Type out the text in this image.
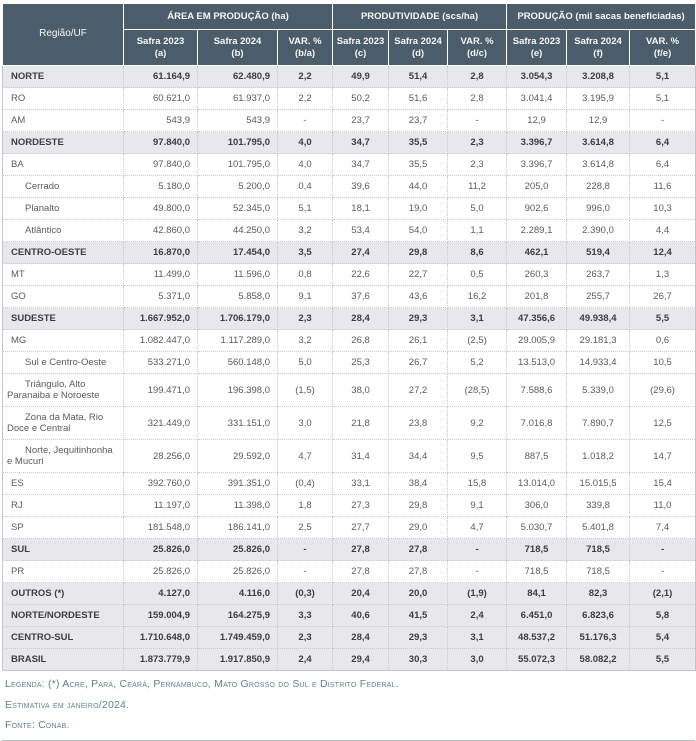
Região/UF	ÁREA EM PRODUÇÃO (ha)			PRODUTIVIDADE (scs/ha)			PRODUÇÃO (mil sacas beneficiadas)		
	Safra 2023
(a)	Safra 2024
(b)	VAR. %
(b/a)	Safra 2023
(c)	Safra 2024
(d)	VAR. %
(d/c)	Safra 2023
(e)	Safra 2024
(f)	VAR. %
(f/e)
NORTE	61.164,9	62.480,9	2,2	49,9	51,4	2,8	3.054,3	3.208,8	5,1
RO	60.621,0	61.937,0	2,2	50,2	51,6	2,8	3.041,4	3.195,9	5,1
AM	543,9	543,9	-	23,7	23,7	-	12,9	12,9	-
NORDESTE	97.840,0	101.795,0	4,0	34,7	35,5	2,3	3.396,7	3.614,8	6,4
BA	97.840,0	101.795,0	4,0	34,7	35,5	2,3	3.396,7	3.614,8	6,4
Cerrado	5.180,0	5.200,0	0,4	39,6	44,0	11,2	205,0	228,8	11,6
Planalto	49.800,0	52.345,0	5,1	18,1	19,0	5,0	902,6	996,0	10,3
Atlântico	42.860,0	44.250,0	3,2	53,4	54,0	1,1	2.289,1	2.390,0	4,4
CENTRO-OESTE	16.870,0	17.454,0	3,5	27,4	29,8	8,6	462,1	519,4	12,4
MT	11.499,0	11.596,0	0,8	22,6	22,7	0,5	260,3	263,7	1,3
GO	5.371,0	5.858,0	9,1	37,6	43,6	16,2	201,8	255,7	26,7
SUDESTE	1.667.952,0	1.706.179,0	2,3	28,4	29,3	3,1	47.356,6	49.938,4	5,5
MG	1.082.447,0	1.117.289,0	3,2	26,8	26,1	(2,5)	29.005,9	29.181,3	0,6
Sul e Centro-Oeste	533.271,0	560.148,0	5,0	25,3	26,7	5,2	13.513,0	14.933,4	10,5
Triângulo, Alto Paranaiba e Noroeste	199.471,0	196.398,0	(1,5)	38,0	27,2	(28,5)	7.588,6	5.339,0	(29,6)
Zona da Mata, Rio Doce e Central	321.449,0	331.151,0	3,0	21,8	23,8	9,2	7.016,8	7.890,7	12,5
Norte, Jequitinhonha e Mucuri	28.256,0	29.592,0	4,7	31,4	34,4	9,5	887,5	1.018,2	14,7
ES	392.760,0	391.351,0	(0,4)	33,1	38,4	15,8	13.014,0	15.015,5	15,4
RJ	11.197,0	11.398,0	1,8	27,3	29,8	9,1	306,0	339,8	11,0
SP	181.548,0	186.141,0	2,5	27,7	29,0	4,7	5.030,7	5.401,8	7,4
SUL	25.826,0	25.826,0	-	27,8	27,8	-	718,5	718,5	-
PR	25.826,0	25.826,0	-	27,8	27,8	-	718,5	718,5	-
OUTROS (*)	4.127,0	4.116,0	(0,3)	20,4	20,0	(1,9)	84,1	82,3	(2,1)
NORTE/NORDESTE	159.004,9	164.275,9	3,3	40,6	41,5	2,4	6.451,0	6.823,6	5,8
CENTRO-SUL	1.710.648,0	1.749.459,0	2,3	28,4	29,3	3,1	48.537,2	51.176,3	5,4
BRASIL	1.873.779,9	1.917.850,9	2,4	29,4	30,3	3,0	55.072,3	58.082,2	5,5

Legenda: (*) Acre, Pará, Ceará, Pernambuco, Mato Grosso do Sul e Distrito Federal.

Estimativa em janeiro/2024.

Fonte: Conab.
